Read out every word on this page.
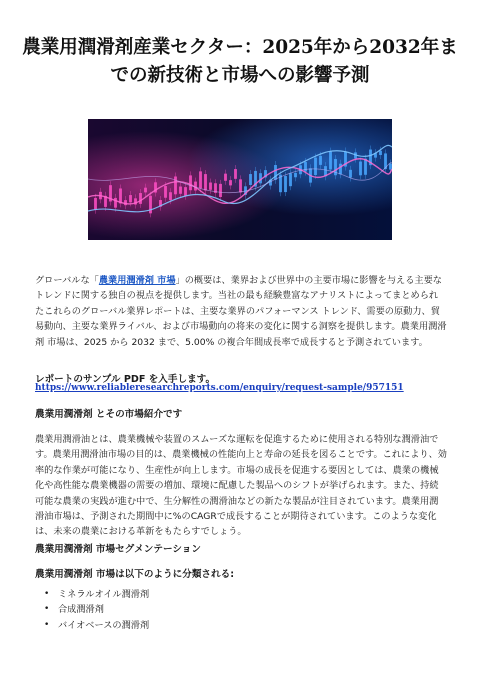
農業用潤滑剤産業セクター：2025年から2032年までの新技術と市場への影響予測

グローバルな「農業用潤滑剤 市場」の概要は、業界および世界中の主要市場に影響を与える主要なトレンドに関する独自の視点を提供します。当社の最も経験豊富なアナリストによってまとめられたこれらのグローバル業界レポートは、主要な業界のパフォーマンス トレンド、需要の原動力、貿易動向、主要な業界ライバル、および市場動向の将来の変化に関する洞察を提供します。農業用潤滑剤 市場は、2025 から 2032 まで、5.00% の複合年間成長率で成長すると予測されています。

レポートのサンプル PDF を入手します。

https://www.reliableresearchreports.com/enquiry/request-sample/957151

農業用潤滑剤 とその市場紹介です

農業用潤滑油とは、農業機械や装置のスムーズな運転を促進するために使用される特別な潤滑油です。農業用潤滑油市場の目的は、農業機械の性能向上と寿命の延長を図ることです。これにより、効率的な作業が可能になり、生産性が向上します。市場の成長を促進する要因としては、農業の機械化や高性能な農業機器の需要の増加、環境に配慮した製品へのシフトが挙げられます。また、持続可能な農業の実践が進む中で、生分解性の潤滑油などの新たな製品が注目されています。農業用潤滑油市場は、予測された期間中に%のCAGRで成長することが期待されています。このような変化は、未来の農業における革新をもたらすでしょう。

農業用潤滑剤 市場セグメンテーション

農業用潤滑剤 市場は以下のように分類される:

• ミネラルオイル潤滑剤
• 合成潤滑剤
• バイオベースの潤滑剤
